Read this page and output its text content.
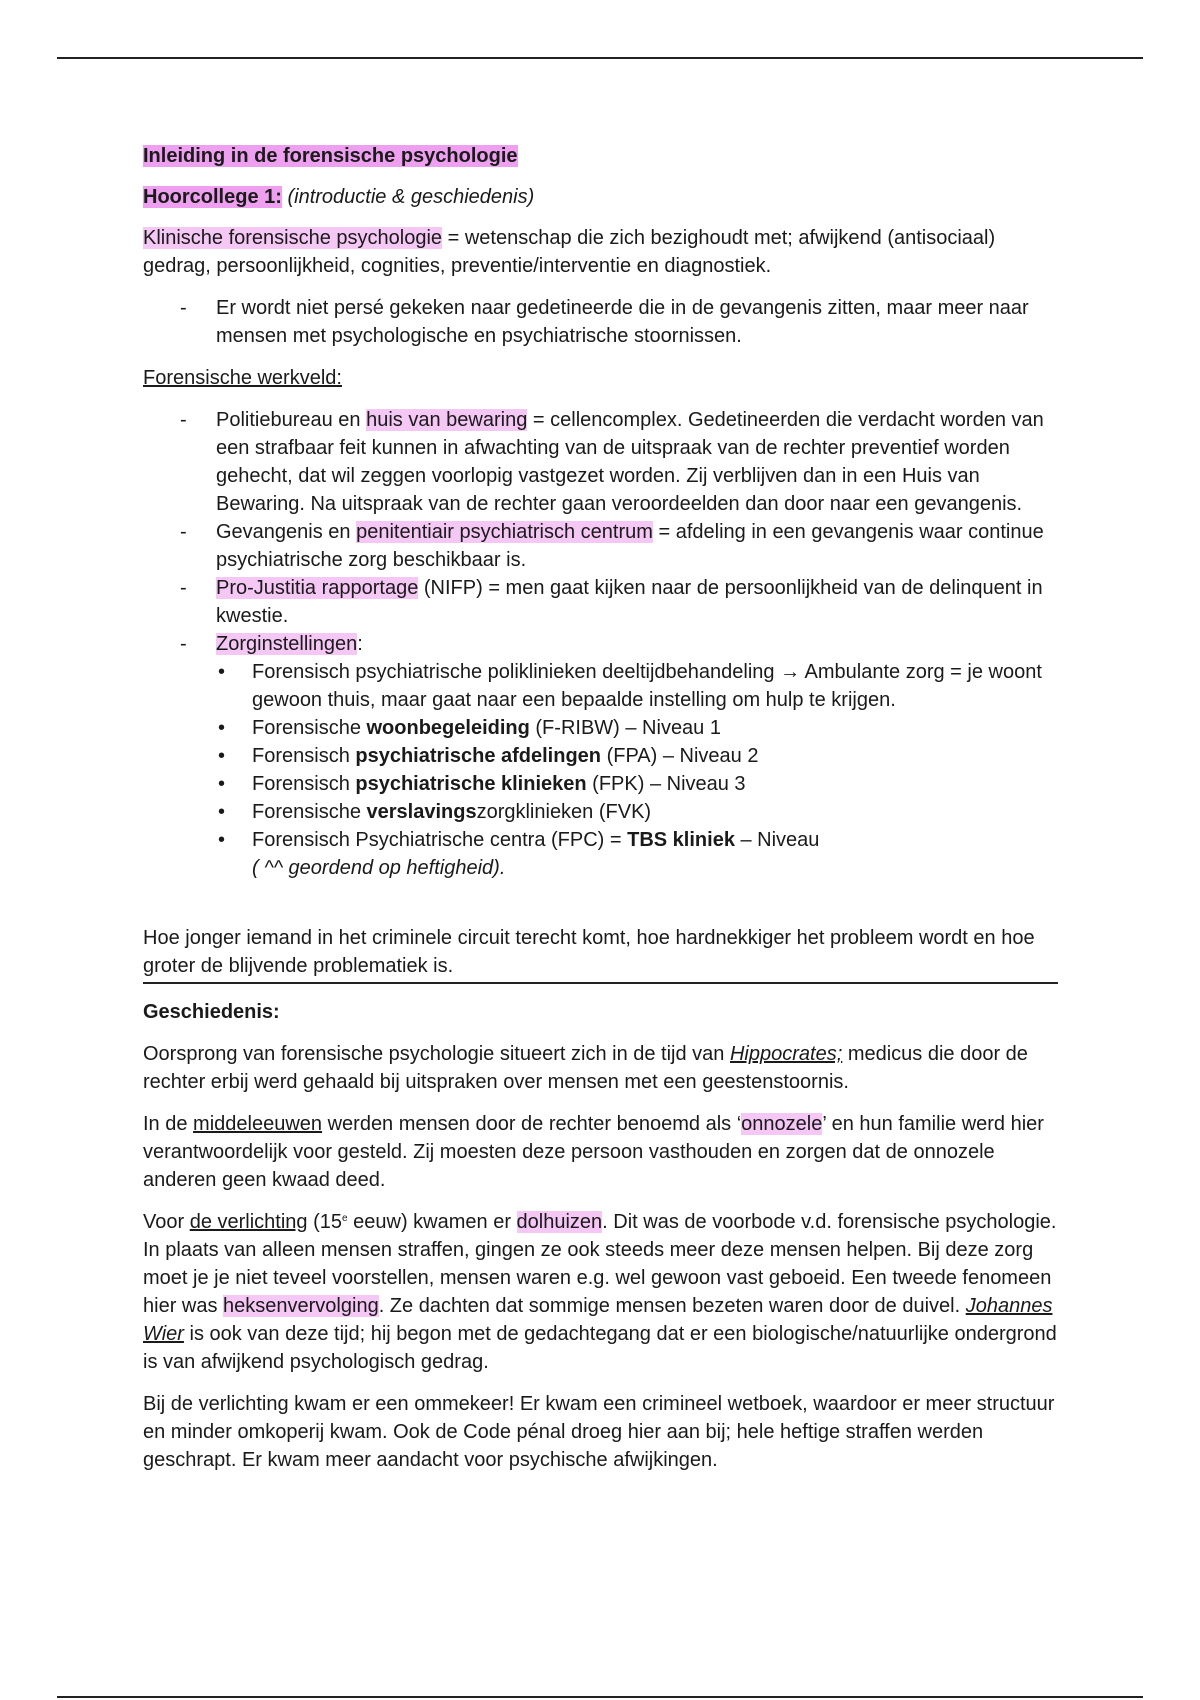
Inleiding in de forensische psychologie

Hoorcollege 1: (introductie & geschiedenis)

Klinische forensische psychologie = wetenschap die zich bezighoudt met; afwijkend (antisociaal) gedrag, persoonlijkheid, cognities, preventie/interventie en diagnostiek.

- Er wordt niet persé gekeken naar gedetineerde die in de gevangenis zitten, maar meer naar mensen met psychologische en psychiatrische stoornissen.

Forensische werkveld:

- Politiebureau en huis van bewaring = cellencomplex. Gedetineerden die verdacht worden van een strafbaar feit kunnen in afwachting van de uitspraak van de rechter preventief worden gehecht, dat wil zeggen voorlopig vastgezet worden. Zij verblijven dan in een Huis van Bewaring. Na uitspraak van de rechter gaan veroordeelden dan door naar een gevangenis.
- Gevangenis en penitentiair psychiatrisch centrum = afdeling in een gevangenis waar continue psychiatrische zorg beschikbaar is.
- Pro-Justitia rapportage (NIFP) = men gaat kijken naar de persoonlijkheid van de delinquent in kwestie.
- Zorginstellingen:
• Forensisch psychiatrische poliklinieken deeltijdbehandeling → Ambulante zorg = je woont gewoon thuis, maar gaat naar een bepaalde instelling om hulp te krijgen.
• Forensische woonbegeleiding (F-RIBW) – Niveau 1
• Forensisch psychiatrische afdelingen (FPA) – Niveau 2
• Forensisch psychiatrische klinieken (FPK) – Niveau 3
• Forensische verslavingszorgklinieken (FVK)
• Forensisch Psychiatrische centra (FPC) = TBS kliniek – Niveau
( ^^ geordend op heftigheid).

Hoe jonger iemand in het criminele circuit terecht komt, hoe hardnekkiger het probleem wordt en hoe groter de blijvende problematiek is.

Geschiedenis:

Oorsprong van forensische psychologie situeert zich in de tijd van Hippocrates; medicus die door de rechter erbij werd gehaald bij uitspraken over mensen met een geestenstoornis.

In de middeleeuwen werden mensen door de rechter benoemd als ‘onnozele’ en hun familie werd hier verantwoordelijk voor gesteld. Zij moesten deze persoon vasthouden en zorgen dat de onnozele anderen geen kwaad deed.

Voor de verlichting (15e eeuw) kwamen er dolhuizen. Dit was de voorbode v.d. forensische psychologie. In plaats van alleen mensen straffen, gingen ze ook steeds meer deze mensen helpen. Bij deze zorg moet je je niet teveel voorstellen, mensen waren e.g. wel gewoon vast geboeid. Een tweede fenomeen hier was heksenvervolging. Ze dachten dat sommige mensen bezeten waren door de duivel. Johannes Wier is ook van deze tijd; hij begon met de gedachtegang dat er een biologische/natuurlijke ondergrond is van afwijkend psychologisch gedrag.

Bij de verlichting kwam er een ommekeer! Er kwam een crimineel wetboek, waardoor er meer structuur en minder omkoperij kwam. Ook de Code pénal droeg hier aan bij; hele heftige straffen werden geschrapt. Er kwam meer aandacht voor psychische afwijkingen.
